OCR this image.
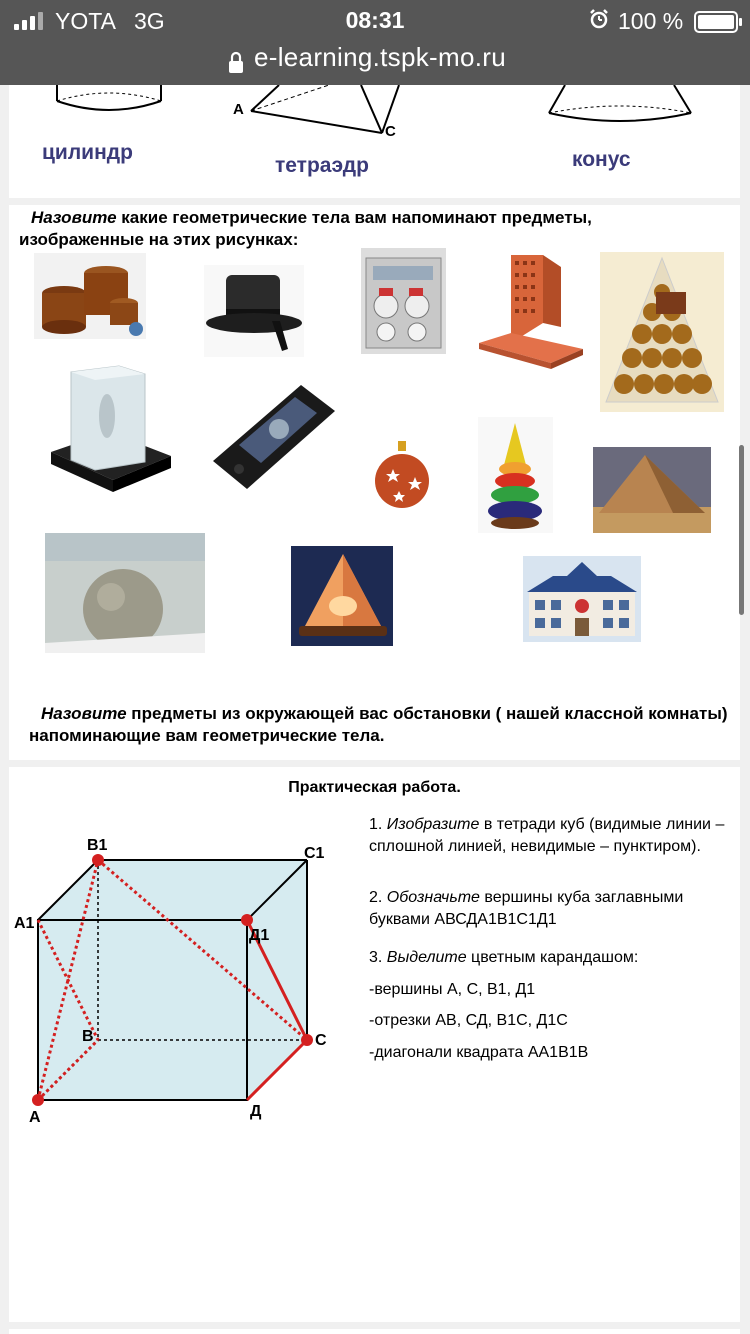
YOTA 3G	08:31	100 %
e-learning.tspk-mo.ru
A
C
цилиндр
тетраэдр	конус
Назовите какие геометрические тела вам напоминают предметы, изображенные на этих рисунках:
Назовите предметы из окружающей вас обстановки ( нашей классной комнаты) напоминающие вам геометрические тела.
Практическая работа.
В1	С1
А1
Д1
В	С
А	Д
1. Изобразите в тетради куб (видимые линии – сплошной линией, невидимые – пунктиром).
2. Обозначьте вершины куба заглавными буквами АВСДА1В1С1Д1
3. Выделите цветным карандашом:
-вершины А, С, В1, Д1
-отрезки АВ, СД, В1С, Д1С
-диагонали квадрата АА1В1В
